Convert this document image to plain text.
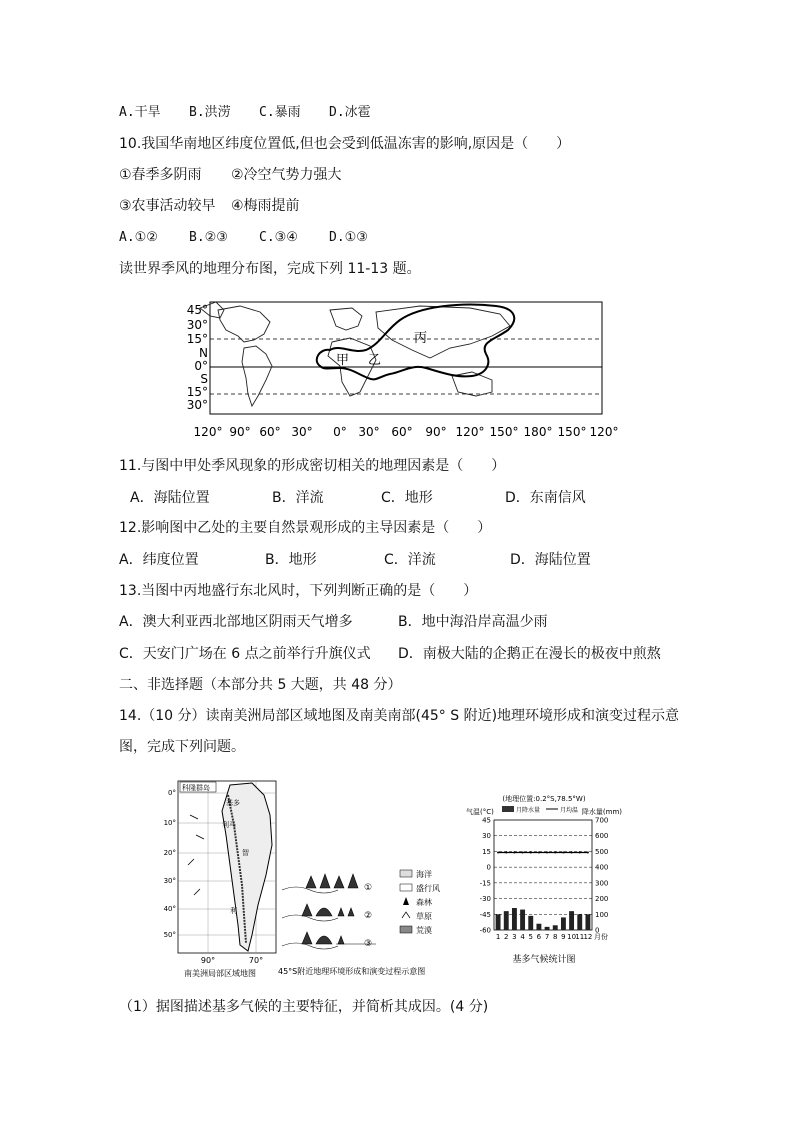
A.干旱 B.洪涝 C.暴雨 D.冰雹
10.我国华南地区纬度位置低,但也会受到低温冻害的影响,原因是（　　）
①春季多阴雨 ②冷空气势力强大
③农事活动较早 ④梅雨提前
A.①② B.②③ C.③④ D.①③
读世界季风的地理分布图，完成下列 11-13 题。
甲 乙
丙
45°
30°
15°
N
0°
S
15°
30°
120° 90° 60° 30° 0° 30° 60° 90° 120° 150° 180° 150° 120°
11.与图中甲处季风现象的形成密切相关的地理因素是（　　）
A．海陆位置	B．洋流	C．地形	D．东南信风
12.影响图中乙处的主要自然景观形成的主导因素是（　　）
A．纬度位置	B．地形	C．洋流	D．海陆位置
13.当图中丙地盛行东北风时，下列判断正确的是（　　）
A．澳大利亚西北部地区阴雨天气增多	B．地中海沿岸高温少雨
C．天安门广场在 6 点之前举行升旗仪式 D．南极大陆的企鹅正在漫长的极夜中煎熬
二、非选择题（本部分共 5 大题，共 48 分）
14.（10 分）读南美洲局部区域地图及南美南部(45° S 附近)地理环境形成和演变过程示意
图，完成下列问题。
科隆群岛
基多
利马
智
利
0°
10°
20°
30°
40°
50°
90°	70°
南美洲局部区域地图
①
②
③
海洋
盛行风
森林
草原
荒漠
45°S附近地理环境形成和演变过程示意图
(地理位置:0.2°S,78.5°W)
气温(°C)	降水量(mm)
月降水量	月均温
45	700
30	600
15	500
0	400
-15	300
-30	200
-45	100
-60	0
1 2 3 4 5 6 7 8 9 10 11 12 月份
基多气候统计图
（1）据图描述基多气候的主要特征，并简析其成因。(4 分)
